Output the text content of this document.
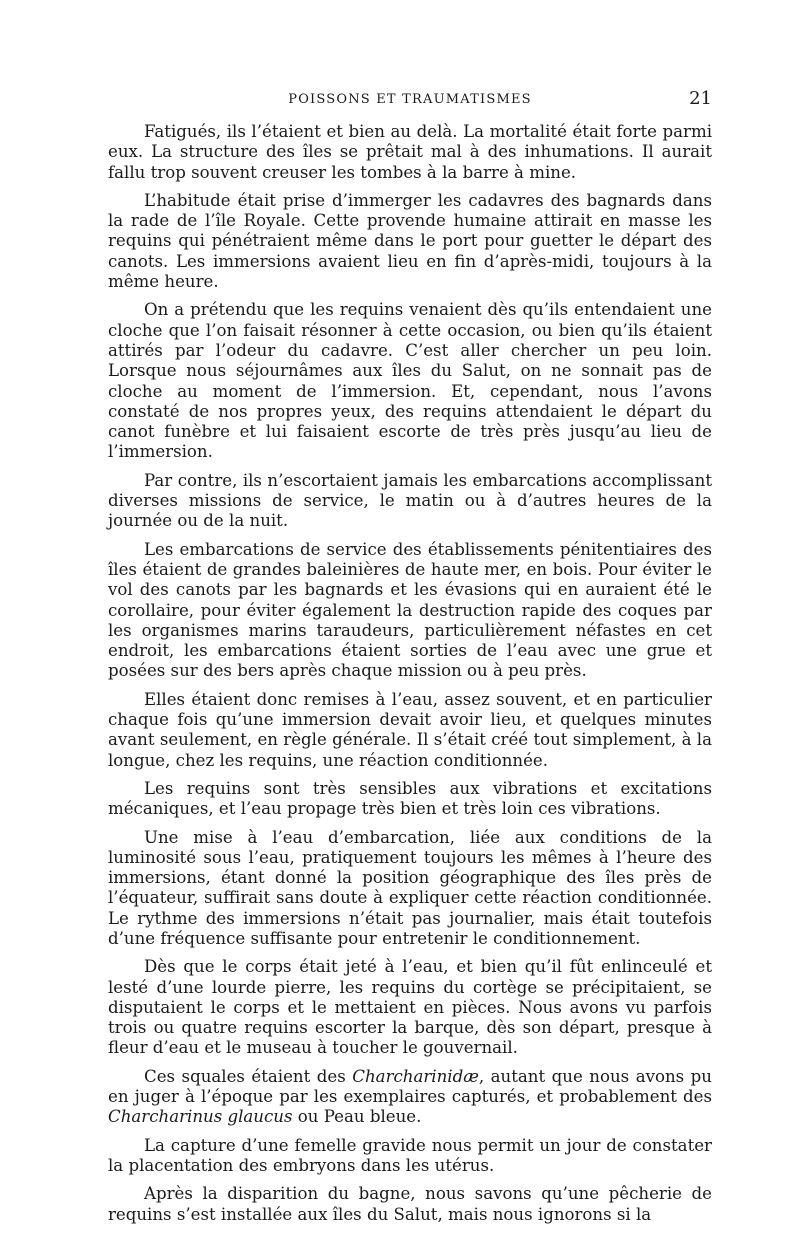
POISSONS ET TRAUMATISMES	21

Fatigués, ils l’étaient et bien au delà. La mortalité était forte parmi eux. La structure des îles se prêtait mal à des inhumations. Il aurait fallu trop souvent creuser les tombes à la barre à mine.

L’habitude était prise d’immerger les cadavres des bagnards dans la rade de l’île Royale. Cette provende humaine attirait en masse les requins qui pénétraient même dans le port pour guetter le départ des canots. Les immersions avaient lieu en fin d’après-midi, toujours à la même heure.

On a prétendu que les requins venaient dès qu’ils entendaient une cloche que l’on faisait résonner à cette occasion, ou bien qu’ils étaient attirés par l’odeur du cadavre. C’est aller chercher un peu loin. Lorsque nous séjournâmes aux îles du Salut, on ne sonnait pas de cloche au moment de l’immersion. Et, cependant, nous l’avons constaté de nos propres yeux, des requins attendaient le départ du canot funèbre et lui faisaient escorte de très près jusqu’au lieu de l’immersion.

Par contre, ils n’escortaient jamais les embarcations accomplissant diverses missions de service, le matin ou à d’autres heures de la journée ou de la nuit.

Les embarcations de service des établissements pénitentiaires des îles étaient de grandes baleinières de haute mer, en bois. Pour éviter le vol des canots par les bagnards et les évasions qui en auraient été le corollaire, pour éviter également la destruction rapide des coques par les organismes marins taraudeurs, particulièrement néfastes en cet endroit, les embarcations étaient sorties de l’eau avec une grue et posées sur des bers après chaque mission ou à peu près.

Elles étaient donc remises à l’eau, assez souvent, et en particulier chaque fois qu’une immersion devait avoir lieu, et quelques minutes avant seulement, en règle générale. Il s’était créé tout simplement, à la longue, chez les requins, une réaction conditionnée.

Les requins sont très sensibles aux vibrations et excitations mécaniques, et l’eau propage très bien et très loin ces vibrations.

Une mise à l’eau d’embarcation, liée aux conditions de la luminosité sous l’eau, pratiquement toujours les mêmes à l’heure des immersions, étant donné la position géographique des îles près de l’équateur, suffirait sans doute à expliquer cette réaction conditionnée. Le rythme des immersions n’était pas journalier, mais était toutefois d’une fréquence suffisante pour entretenir le conditionnement.

Dès que le corps était jeté à l’eau, et bien qu’il fût enlinceulé et lesté d’une lourde pierre, les requins du cortège se précipitaient, se disputaient le corps et le mettaient en pièces. Nous avons vu parfois trois ou quatre requins escorter la barque, dès son départ, presque à fleur d’eau et le museau à toucher le gouvernail.

Ces squales étaient des Charcharinidæ, autant que nous avons pu en juger à l’époque par les exemplaires capturés, et probablement des Charcharinus glaucus ou Peau bleue.

La capture d’une femelle gravide nous permit un jour de constater la placentation des embryons dans les utérus.

Après la disparition du bagne, nous savons qu’une pêcherie de requins s’est installée aux îles du Salut, mais nous ignorons si la
